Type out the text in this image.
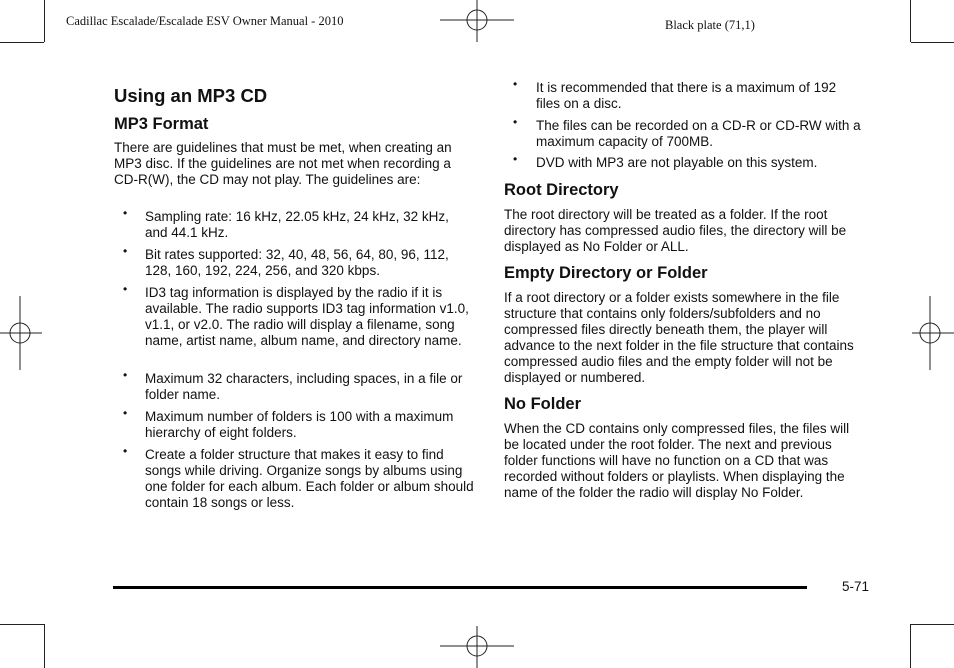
Cadillac Escalade/Escalade ESV Owner Manual - 2010	Black plate (71,1)
Using an MP3 CD
MP3 Format

There are guidelines that must be met, when creating an MP3 disc. If the guidelines are not met when recording a CD-R(W), the CD may not play. The guidelines are:

• Sampling rate: 16 kHz, 22.05 kHz, 24 kHz, 32 kHz, and 44.1 kHz.
• Bit rates supported: 32, 40, 48, 56, 64, 80, 96, 112, 128, 160, 192, 224, 256, and 320 kbps.
• ID3 tag information is displayed by the radio if it is available. The radio supports ID3 tag information v1.0, v1.1, or v2.0. The radio will display a filename, song name, artist name, album name, and directory name.
• Maximum 32 characters, including spaces, in a file or folder name.
• Maximum number of folders is 100 with a maximum hierarchy of eight folders.
• Create a folder structure that makes it easy to find songs while driving. Organize songs by albums using one folder for each album. Each folder or album should contain 18 songs or less.
• It is recommended that there is a maximum of 192 files on a disc.
• The files can be recorded on a CD-R or CD-RW with a maximum capacity of 700MB.
• DVD with MP3 are not playable on this system.
Root Directory

The root directory will be treated as a folder. If the root directory has compressed audio files, the directory will be displayed as No Folder or ALL.

Empty Directory or Folder

If a root directory or a folder exists somewhere in the file structure that contains only folders/subfolders and no compressed files directly beneath them, the player will advance to the next folder in the file structure that contains compressed audio files and the empty folder will not be displayed or numbered.

No Folder

When the CD contains only compressed files, the files will be located under the root folder. The next and previous folder functions will have no function on a CD that was recorded without folders or playlists. When displaying the name of the folder the radio will display No Folder.

5-71
